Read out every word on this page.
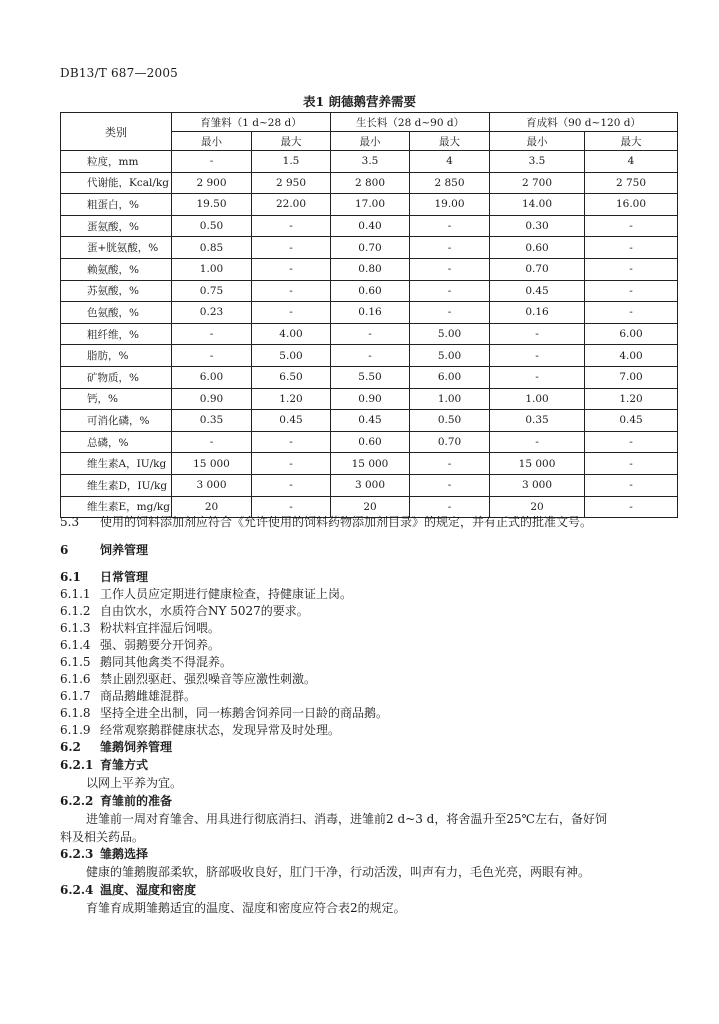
DB13/T 687—2005
表1 朗德鹅营养需要
类别	育雏料（1 d~28 d）		生长料（28 d~90 d）		育成料（90 d~120 d）	
	最小	最大	最小	最大	最小	最大
粒度，mm	-	1.5	3.5	4	3.5	4
代谢能，Kcal/kg	2 900	2 950	2 800	2 850	2 700	2 750
粗蛋白，%	19.50	22.00	17.00	19.00	14.00	16.00
蛋氨酸，%	0.50	-	0.40	-	0.30	-
蛋+胱氨酸，%	0.85	-	0.70	-	0.60	-
赖氨酸，%	1.00	-	0.80	-	0.70	-
苏氨酸，%	0.75	-	0.60	-	0.45	-
色氨酸，%	0.23	-	0.16	-	0.16	-
粗纤维，%	-	4.00	-	5.00	-	6.00
脂肪，%	-	5.00	-	5.00	-	4.00
矿物质，%	6.00	6.50	5.50	6.00	-	7.00
钙，%	0.90	1.20	0.90	1.00	1.00	1.20
可消化磷，%	0.35	0.45	0.45	0.50	0.35	0.45
总磷，%	-	-	0.60	0.70	-	-
维生素A，IU/kg	15 000	-	15 000	-	15 000	-
维生素D，IU/kg	3 000	-	3 000	-	3 000	-
维生素E，mg/kg	20	-	20	-	20	-
5.3 使用的饲料添加剂应符合《允许使用的饲料药物添加剂目录》的规定，并有正式的批准文号。
6	饲养管理
6.1 日常管理
6.1.1 工作人员应定期进行健康检查，持健康证上岗。
6.1.2 自由饮水，水质符合NY 5027的要求。
6.1.3 粉状料宜拌湿后饲喂。
6.1.4 强、弱鹅要分开饲养。
6.1.5 鹅同其他禽类不得混养。
6.1.6 禁止剧烈驱赶、强烈噪音等应激性刺激。
6.1.7 商品鹅雌雄混群。
6.1.8 坚持全进全出制，同一栋鹅舍饲养同一日龄的商品鹅。
6.1.9 经常观察鹅群健康状态，发现异常及时处理。
6.2 雏鹅饲养管理
6.2.1 育雏方式
以网上平养为宜。
6.2.2 育雏前的准备
进雏前一周对育雏舍、用具进行彻底消扫、消毒，进雏前2 d~3 d，将舍温升至25℃左右，备好饲
料及相关药品。
6.2.3 雏鹅选择
健康的雏鹅腹部柔软，脐部吸收良好，肛门干净，行动活泼，叫声有力，毛色光亮，两眼有神。
6.2.4 温度、湿度和密度
育雏育成期雏鹅适宜的温度、湿度和密度应符合表2的规定。
